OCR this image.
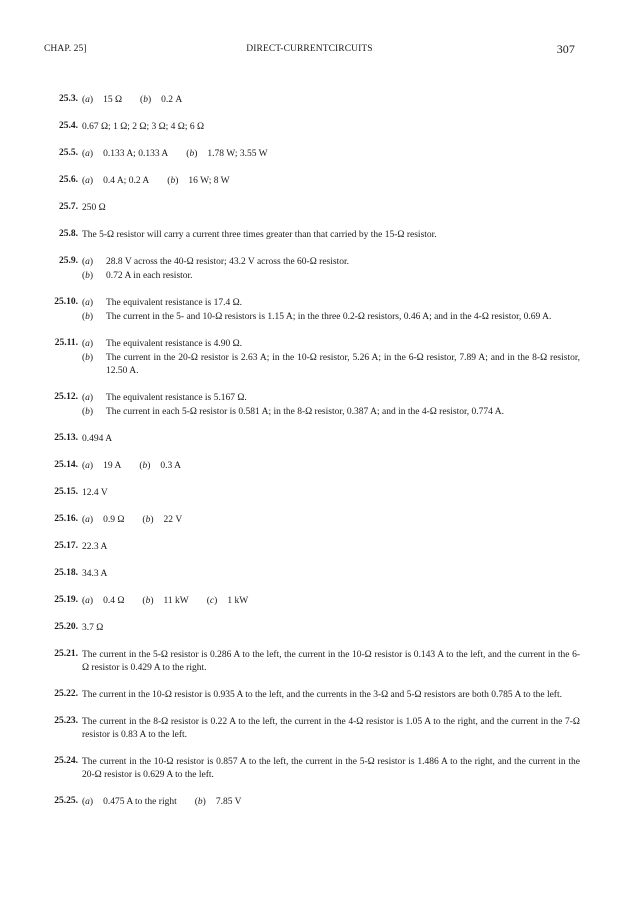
CHAP. 25]	DIRECT-CURRENTCIRCUITS	307
25.3. (a) 15 Ω (b) 0.2 A
25.4. 0.67 Ω; 1 Ω; 2 Ω; 3 Ω; 4 Ω; 6 Ω
25.5. (a) 0.133 A; 0.133 A (b) 1.78 W; 3.55 W
25.6. (a) 0.4 A; 0.2 A (b) 16 W; 8 W
25.7. 250 Ω
25.8. The 5-Ω resistor will carry a current three times greater than that carried by the 15-Ω resistor.
25.9. (a) 28.8 V across the 40-Ω resistor; 43.2 V across the 60-Ω resistor.
(b) 0.72 A in each resistor.
25.10. (a) The equivalent resistance is 17.4 Ω.
(b) The current in the 5- and 10-Ω resistors is 1.15 A; in the three 0.2-Ω resistors, 0.46 A; and in the 4-Ω resistor, 0.69 A.
25.11. (a) The equivalent resistance is 4.90 Ω.
(b) The current in the 20-Ω resistor is 2.63 A; in the 10-Ω resistor, 5.26 A; in the 6-Ω resistor, 7.89 A; and in the 8-Ω resistor, 12.50 A.
25.12. (a) The equivalent resistance is 5.167 Ω.
(b) The current in each 5-Ω resistor is 0.581 A; in the 8-Ω resistor, 0.387 A; and in the 4-Ω resistor, 0.774 A.
25.13. 0.494 A
25.14. (a) 19 A (b) 0.3 A
25.15. 12.4 V
25.16. (a) 0.9 Ω (b) 22 V
25.17. 22.3 A
25.18. 34.3 A
25.19. (a) 0.4 Ω (b) 11 kW (c) 1 kW
25.20. 3.7 Ω
25.21. The current in the 5-Ω resistor is 0.286 A to the left, the current in the 10-Ω resistor is 0.143 A to the left, and the current in the 6-Ω resistor is 0.429 A to the right.
25.22. The current in the 10-Ω resistor is 0.935 A to the left, and the currents in the 3-Ω and 5-Ω resistors are both 0.785 A to the left.
25.23. The current in the 8-Ω resistor is 0.22 A to the left, the current in the 4-Ω resistor is 1.05 A to the right, and the current in the 7-Ω resistor is 0.83 A to the left.
25.24. The current in the 10-Ω resistor is 0.857 A to the left, the current in the 5-Ω resistor is 1.486 A to the right, and the current in the 20-Ω resistor is 0.629 A to the left.
25.25. (a) 0.475 A to the right (b) 7.85 V
